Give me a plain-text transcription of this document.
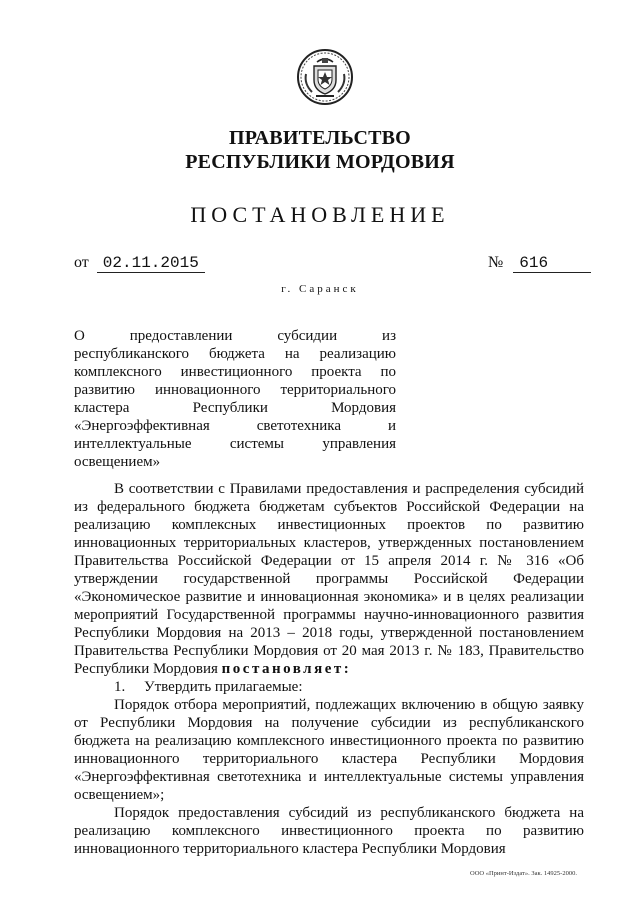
ПРАВИТЕЛЬСТВО
РЕСПУБЛИКИ МОРДОВИЯ
ПОСТАНОВЛЕНИЕ
от 02.11.2015	№ 616
г. Саранск
О предоставлении субсидии из
республиканского бюджета на реализацию
комплексного инвестиционного проекта по
развитию инновационного территориального
кластера Республики Мордовия
«Энергоэффективная светотехника и
интеллектуальные системы управления
освещением»

В соответствии с Правилами предоставления и распределения субсидий из федерального бюджета бюджетам субъектов Российской Федерации на реализацию комплексных инвестиционных проектов по развитию инновационных территориальных кластеров, утвержденных постановлением Правительства Российской Федерации от 15 апреля 2014 г. № 316 «Об утверждении государственной программы Российской Федерации «Экономическое развитие и инновационная экономика» и в целях реализации мероприятий Государственной программы научно-инновационного развития Республики Мордовия на 2013 – 2018 годы, утвержденной постановлением Правительства Республики Мордовия от 20 мая 2013 г. № 183, Правительство Республики Мордовия постановляет:

1.     Утвердить прилагаемые:

Порядок отбора мероприятий, подлежащих включению в общую заявку от Республики Мордовия на получение субсидии из республиканского бюджета на реализацию комплексного инвестиционного проекта по развитию инновационного территориального кластера Республики Мордовия «Энергоэффективная светотехника и интеллектуальные системы управления освещением»;

Порядок предоставления субсидий из республиканского бюджета на реализацию комплексного инвестиционного проекта по развитию инновационного территориального кластера Республики Мордовия

ООО «Принт-Издат». Зак. 14925-2000.
